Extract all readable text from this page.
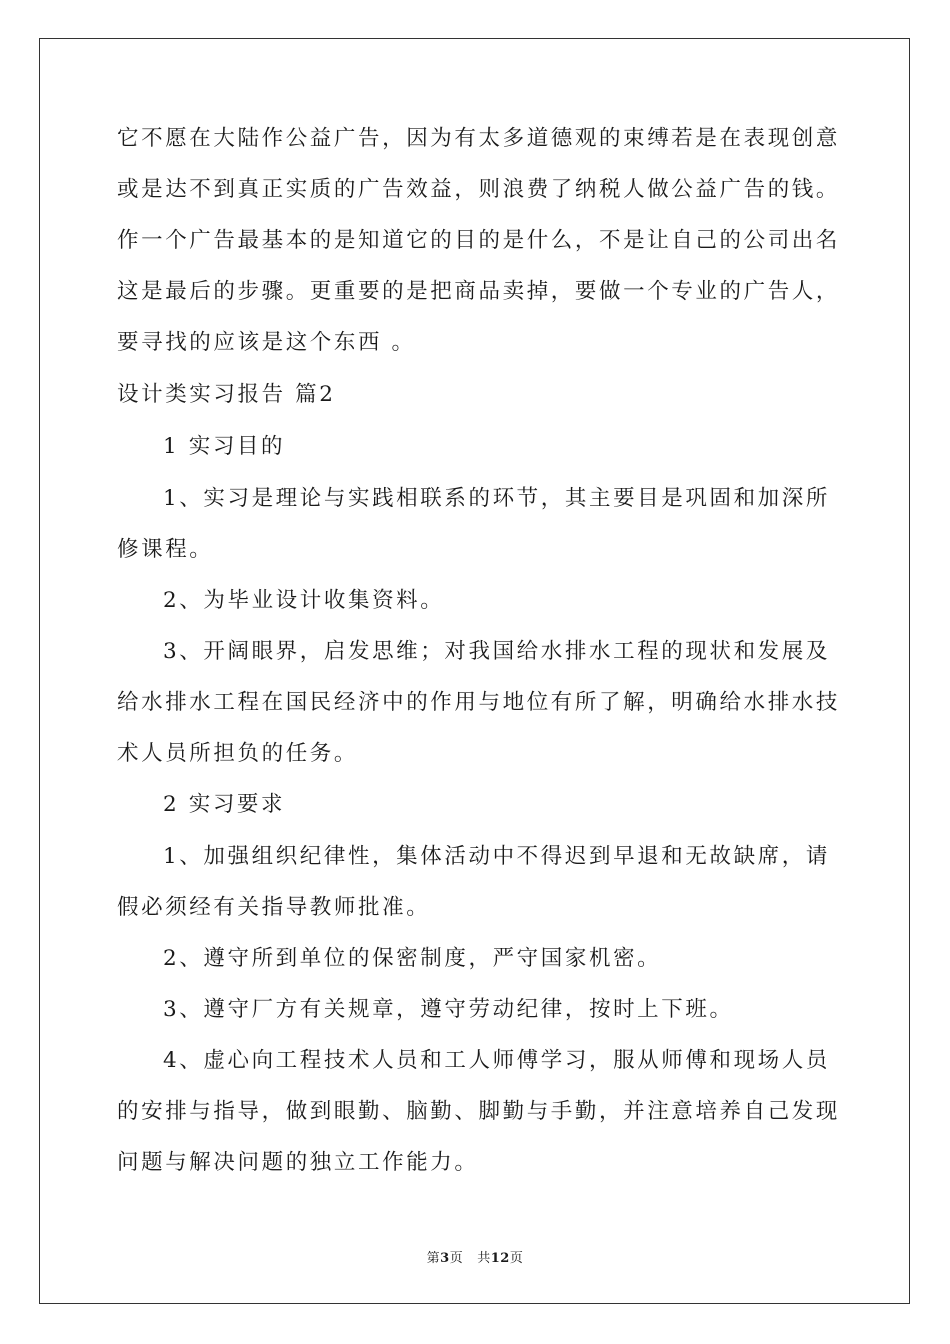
它不愿在大陆作公益广告，因为有太多道德观的束缚若是在表现创意
或是达不到真正实质的广告效益，则浪费了纳税人做公益广告的钱。
作一个广告最基本的是知道它的目的是什么，不是让自己的公司出名
这是最后的步骤。更重要的是把商品卖掉，要做一个专业的广告人，
要寻找的应该是这个东西 。
设计类实习报告 篇2
1 实习目的
1、实习是理论与实践相联系的环节，其主要目是巩固和加深所
修课程。
2、为毕业设计收集资料。
3、开阔眼界，启发思维；对我国给水排水工程的现状和发展及
给水排水工程在国民经济中的作用与地位有所了解，明确给水排水技
术人员所担负的任务。
2 实习要求
1、加强组织纪律性，集体活动中不得迟到早退和无故缺席，请
假必须经有关指导教师批准。
2、遵守所到单位的保密制度，严守国家机密。
3、遵守厂方有关规章，遵守劳动纪律，按时上下班。
4、虚心向工程技术人员和工人师傅学习，服从师傅和现场人员
的安排与指导，做到眼勤、脑勤、脚勤与手勤，并注意培养自己发现
问题与解决问题的独立工作能力。
第3页 共12页
